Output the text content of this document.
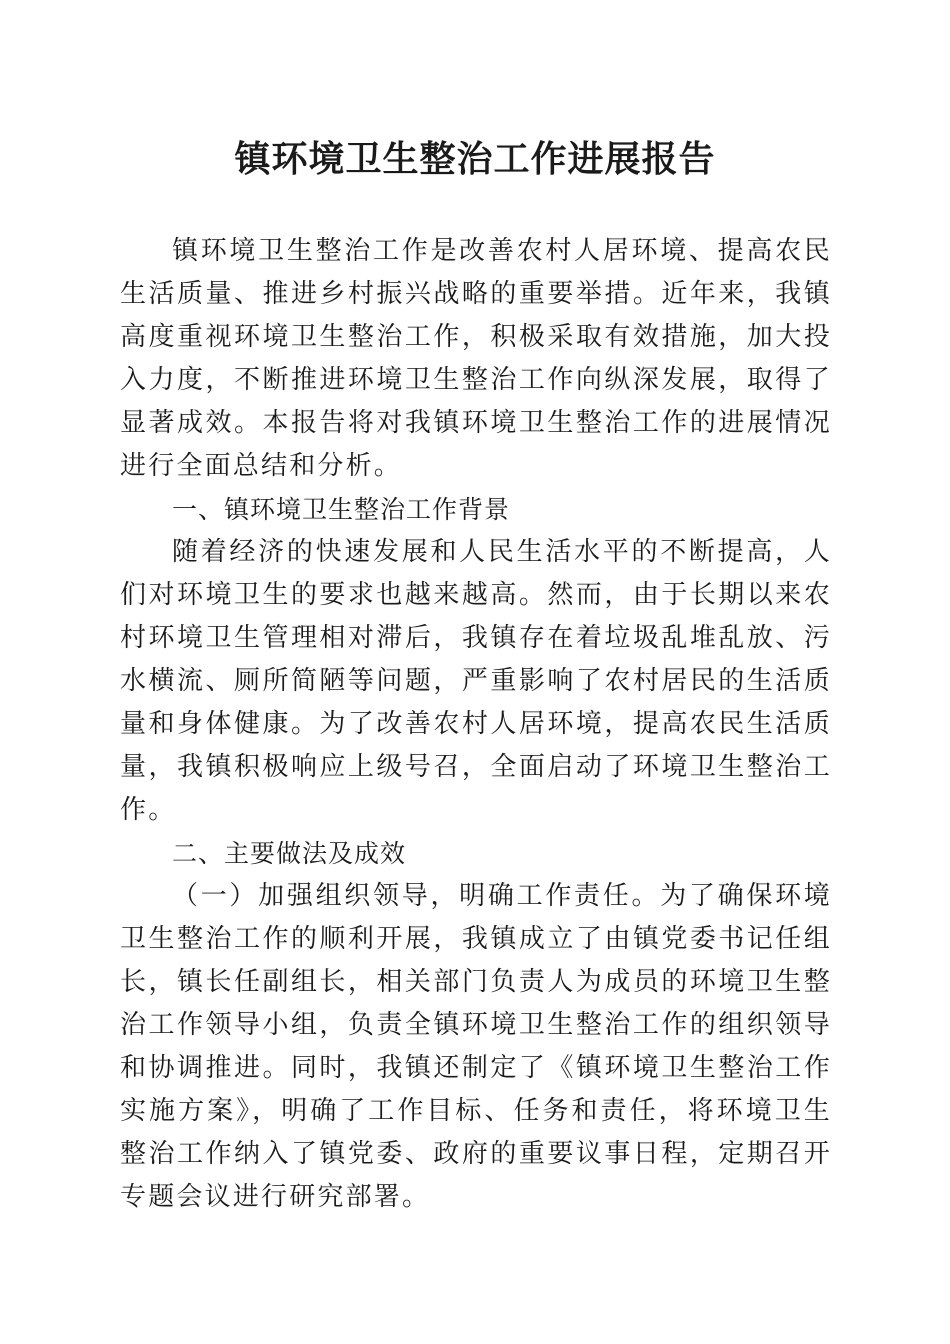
镇环境卫生整治工作进展报告

镇环境卫生整治工作是改善农村人居环境、提高农民生活质量、推进乡村振兴战略的重要举措。近年来，我镇高度重视环境卫生整治工作，积极采取有效措施，加大投入力度，不断推进环境卫生整治工作向纵深发展，取得了显著成效。本报告将对我镇环境卫生整治工作的进展情况进行全面总结和分析。

一、镇环境卫生整治工作背景

随着经济的快速发展和人民生活水平的不断提高，人们对环境卫生的要求也越来越高。然而，由于长期以来农村环境卫生管理相对滞后，我镇存在着垃圾乱堆乱放、污水横流、厕所简陋等问题，严重影响了农村居民的生活质量和身体健康。为了改善农村人居环境，提高农民生活质量，我镇积极响应上级号召，全面启动了环境卫生整治工作。

二、主要做法及成效

（一）加强组织领导，明确工作责任。为了确保环境卫生整治工作的顺利开展，我镇成立了由镇党委书记任组长，镇长任副组长，相关部门负责人为成员的环境卫生整治工作领导小组，负责全镇环境卫生整治工作的组织领导和协调推进。同时，我镇还制定了《镇环境卫生整治工作实施方案》，明确了工作目标、任务和责任，将环境卫生整治工作纳入了镇党委、政府的重要议事日程，定期召开专题会议进行研究部署。
